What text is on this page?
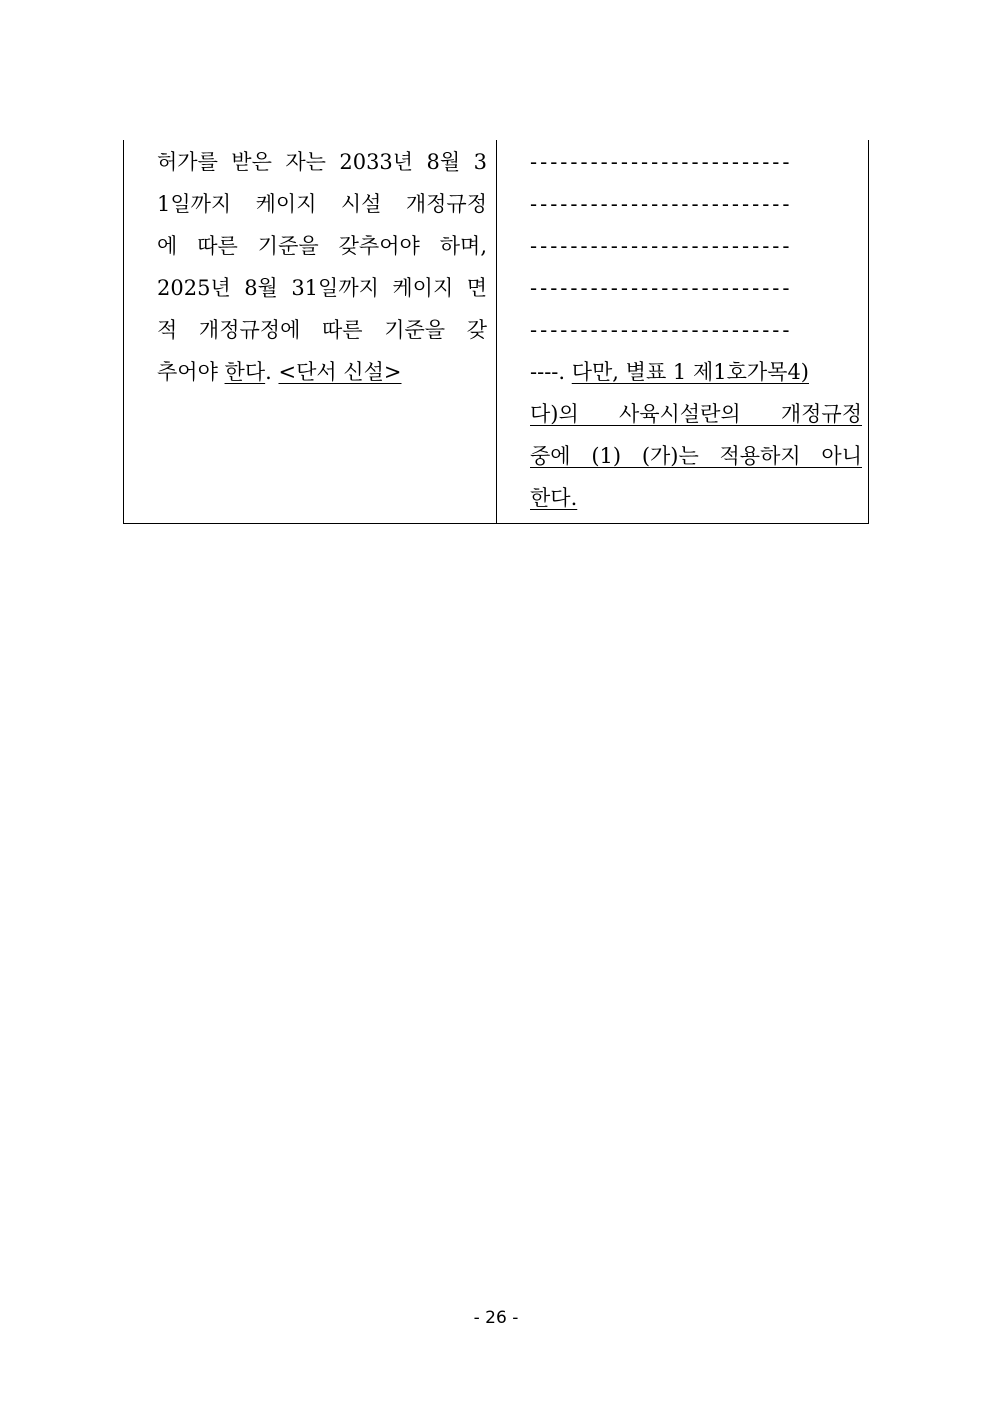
허가를 받은 자는 2033년 8월 3
1일까지 케이지 시설 개정규정
에 따른 기준을 갖추어야 하며,
2025년 8월 31일까지 케이지 면
적 개정규정에 따른 기준을 갖
추어야 한다. <단서 신설>
--------------------------
--------------------------
--------------------------
--------------------------
--------------------------
----. 다만, 별표 1 제1호가목4)
다)의 사육시설란의 개정규정
중에 (1) (가)는 적용하지 아니
한다.
- 26 -
